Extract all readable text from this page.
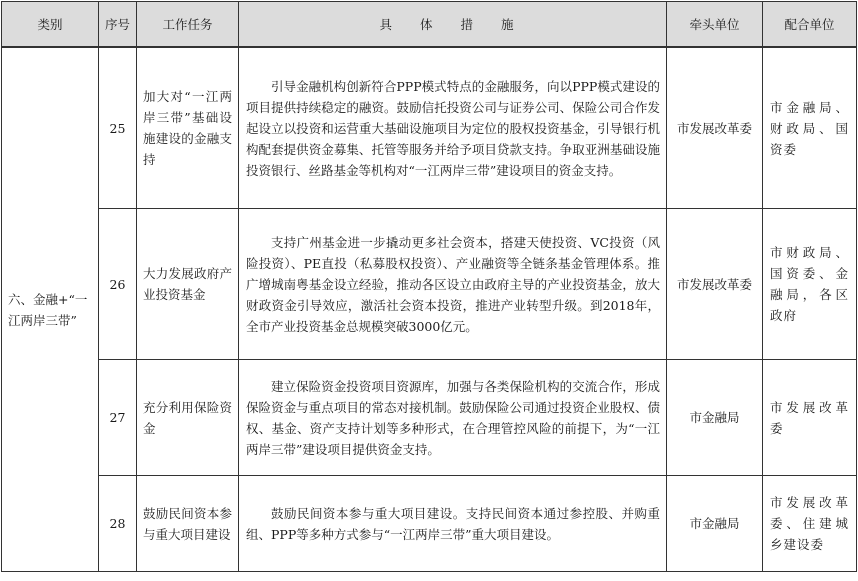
类别	序号	工作任务	具 体 措 施	牵头单位	配合单位
六、金融+“一江两岸三带”	25	加大对“一江两岸三带”基础设施建设的金融支持	引导金融机构创新符合PPP模式特点的金融服务，向以PPP模式建设的项目提供持续稳定的融资。鼓励信托投资公司与证券公司、保险公司合作发起设立以投资和运营重大基础设施项目为定位的股权投资基金，引导银行机构配套提供资金募集、托管等服务并给予项目贷款支持。争取亚洲基础设施投资银行、丝路基金等机构对“一江两岸三带”建设项目的资金支持。	市发展改革委	市金融局、财政局、国资委
	26	大力发展政府产业投资基金	支持广州基金进一步撬动更多社会资本，搭建天使投资、VC投资（风险投资）、PE直投（私募股权投资）、产业融资等全链条基金管理体系。推广增城南粤基金设立经验，推动各区设立由政府主导的产业投资基金，放大财政资金引导效应，激活社会资本投资，推进产业转型升级。到2018年，全市产业投资基金总规模突破3000亿元。	市发展改革委	市财政局、国资委、金融局，各区政府
	27	充分利用保险资金	建立保险资金投资项目资源库，加强与各类保险机构的交流合作，形成保险资金与重点项目的常态对接机制。鼓励保险公司通过投资企业股权、债权、基金、资产支持计划等多种形式，在合理管控风险的前提下，为“一江两岸三带”建设项目提供资金支持。	市金融局	市发展改革委
	28	鼓励民间资本参与重大项目建设	鼓励民间资本参与重大项目建设。支持民间资本通过参控股、并购重组、PPP等多种方式参与“一江两岸三带”重大项目建设。	市金融局	市发展改革委、住建城乡建设委
